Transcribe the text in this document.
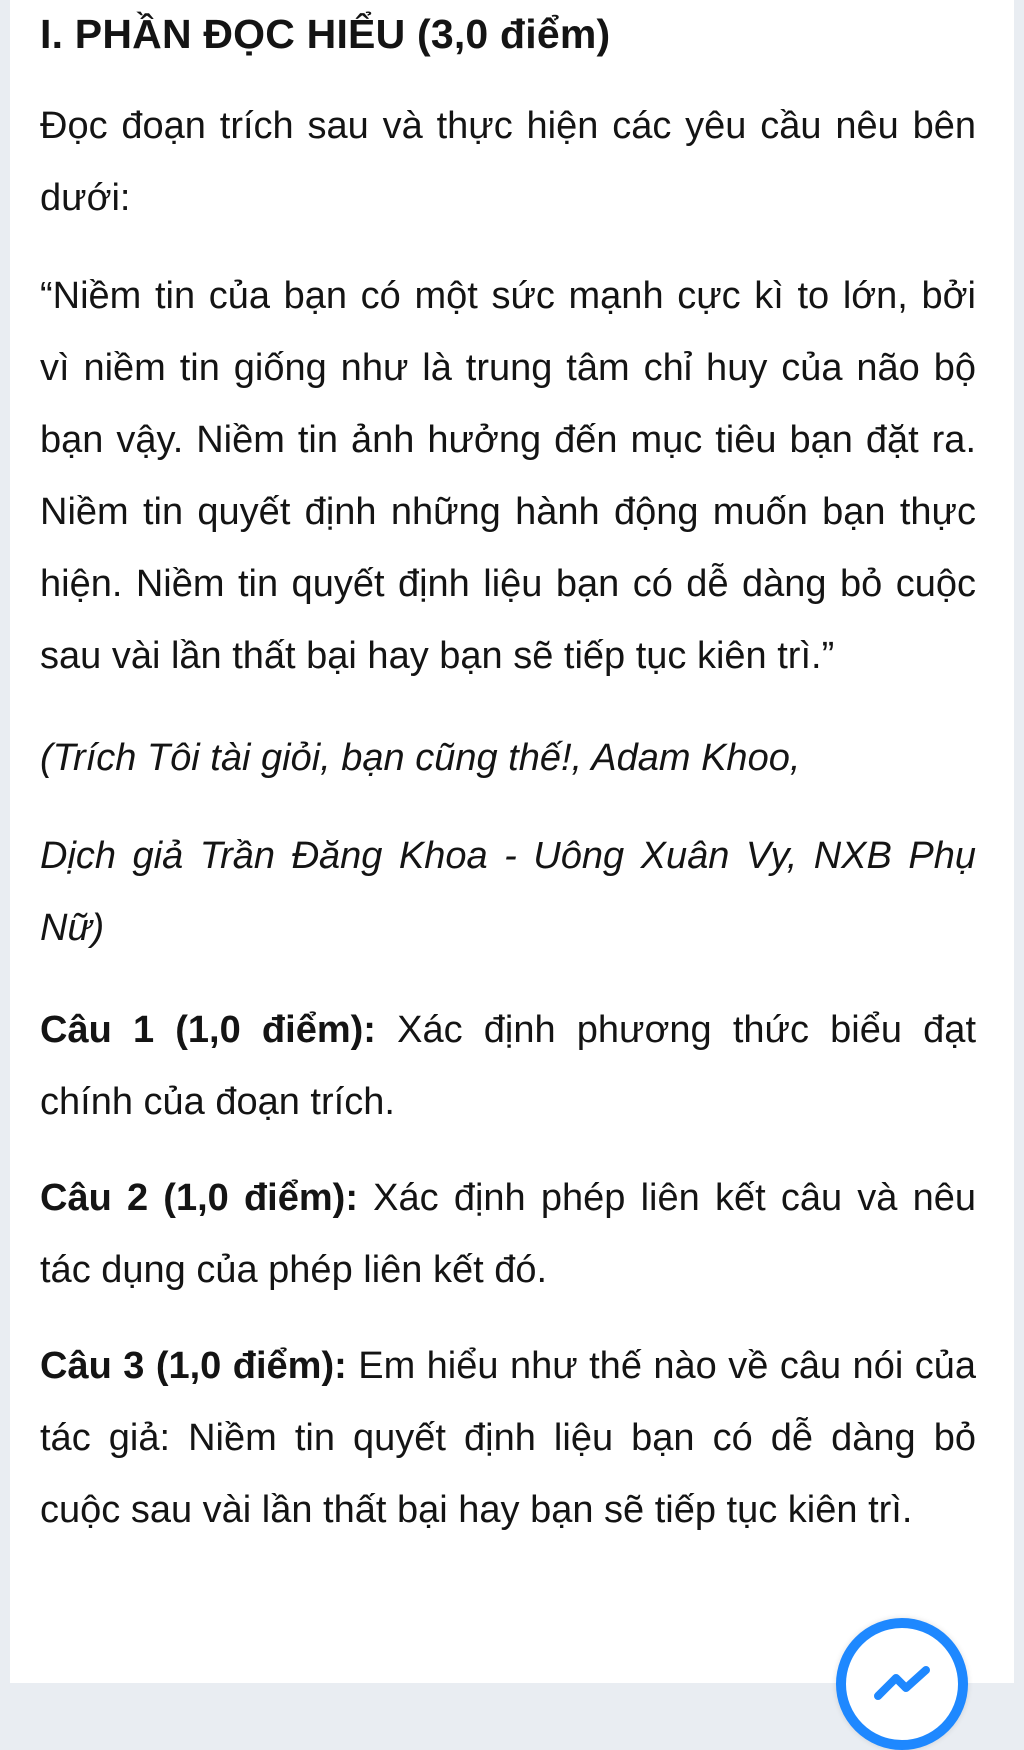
I. PHẦN ĐỌC HIỂU (3,0 điểm)

Đọc đoạn trích sau và thực hiện các yêu cầu nêu bên dưới:

“Niềm tin của bạn có một sức mạnh cực kì to lớn, bởi vì niềm tin giống như là trung tâm chỉ huy của não bộ bạn vậy. Niềm tin ảnh hưởng đến mục tiêu bạn đặt ra. Niềm tin quyết định những hành động muốn bạn thực hiện. Niềm tin quyết định liệu bạn có dễ dàng bỏ cuộc sau vài lần thất bại hay bạn sẽ tiếp tục kiên trì.”

(Trích Tôi tài giỏi, bạn cũng thế!, Adam Khoo,

Dịch giả Trần Đăng Khoa - Uông Xuân Vy, NXB Phụ Nữ)

Câu 1 (1,0 điểm): Xác định phương thức biểu đạt chính của đoạn trích.

Câu 2 (1,0 điểm): Xác định phép liên kết câu và nêu tác dụng của phép liên kết đó.

Câu 3 (1,0 điểm): Em hiểu như thế nào về câu nói của tác giả: Niềm tin quyết định liệu bạn có dễ dàng bỏ cuộc sau vài lần thất bại hay bạn sẽ tiếp tục kiên trì.
